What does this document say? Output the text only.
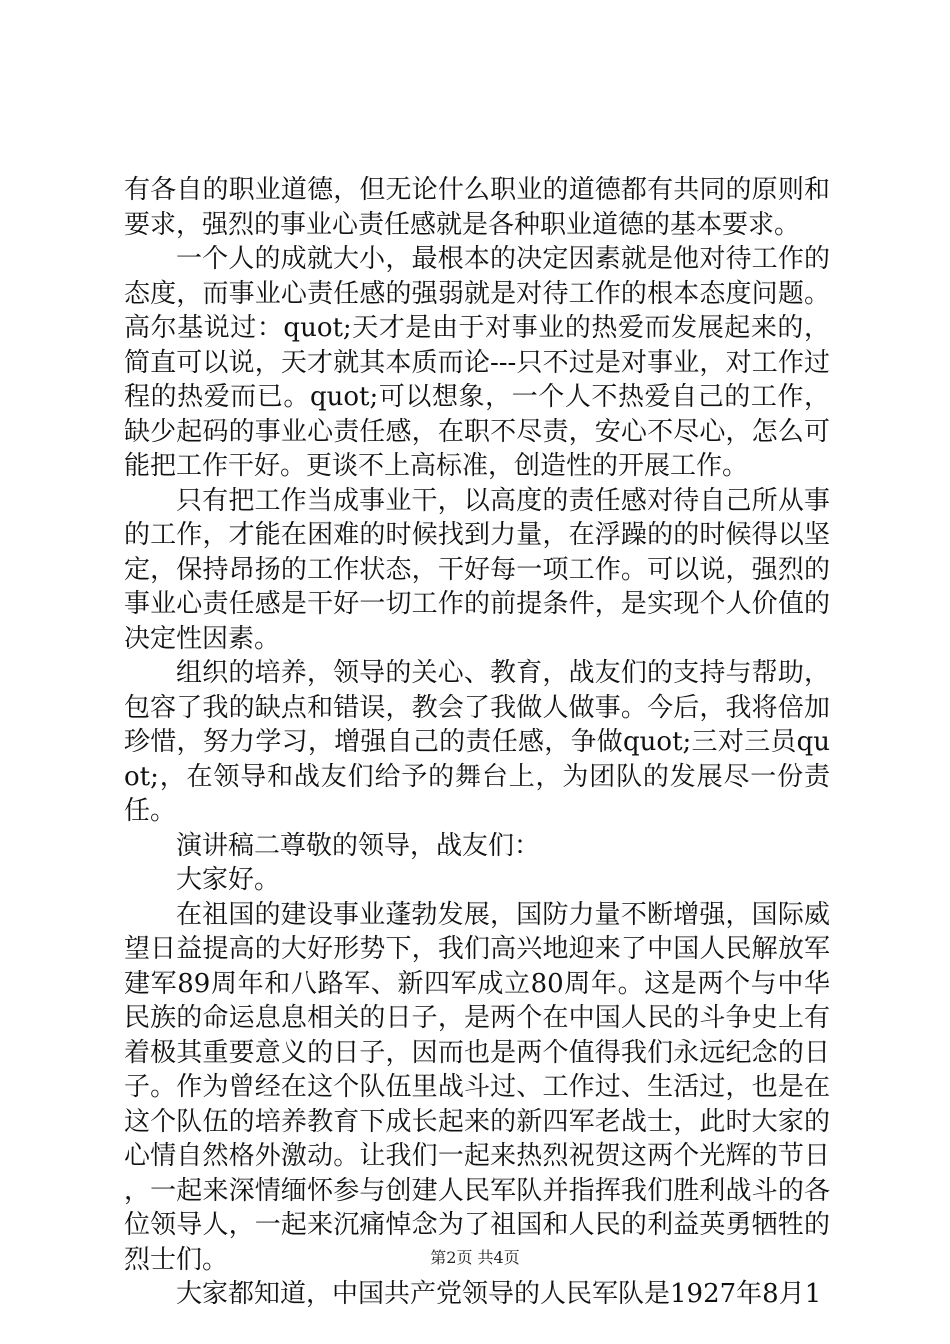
有各自的职业道德，但无论什么职业的道德都有共同的原则和要求，强烈的事业心责任感就是各种职业道德的基本要求。

一个人的成就大小，最根本的决定因素就是他对待工作的态度，而事业心责任感的强弱就是对待工作的根本态度问题。高尔基说过：quot;天才是由于对事业的热爱而发展起来的，简直可以说，天才就其本质而论---只不过是对事业，对工作过程的热爱而已。quot;可以想象，一个人不热爱自己的工作，缺少起码的事业心责任感，在职不尽责，安心不尽心，怎么可能把工作干好。更谈不上高标准，创造性的开展工作。

只有把工作当成事业干，以高度的责任感对待自己所从事的工作，才能在困难的时候找到力量，在浮躁的的时候得以坚定，保持昂扬的工作状态，干好每一项工作。可以说，强烈的事业心责任感是干好一切工作的前提条件，是实现个人价值的决定性因素。

组织的培养，领导的关心、教育，战友们的支持与帮助，包容了我的缺点和错误，教会了我做人做事。今后，我将倍加珍惜，努力学习，增强自己的责任感，争做quot;三对三员quot;，在领导和战友们给予的舞台上，为团队的发展尽一份责任。

演讲稿二尊敬的领导，战友们：

大家好。

在祖国的建设事业蓬勃发展，国防力量不断增强，国际威望日益提高的大好形势下，我们高兴地迎来了中国人民解放军建军89周年和八路军、新四军成立80周年。这是两个与中华民族的命运息息相关的日子，是两个在中国人民的斗争史上有着极其重要意义的日子，因而也是两个值得我们永远纪念的日子。作为曾经在这个队伍里战斗过、工作过、生活过，也是在这个队伍的培养教育下成长起来的新四军老战士，此时大家的心情自然格外激动。让我们一起来热烈祝贺这两个光辉的节日，一起来深情缅怀参与创建人民军队并指挥我们胜利战斗的各位领导人，一起来沉痛悼念为了祖国和人民的利益英勇牺牲的烈士们。

大家都知道，中国共产党领导的人民军队是1927年8月1

第2页 共4页
